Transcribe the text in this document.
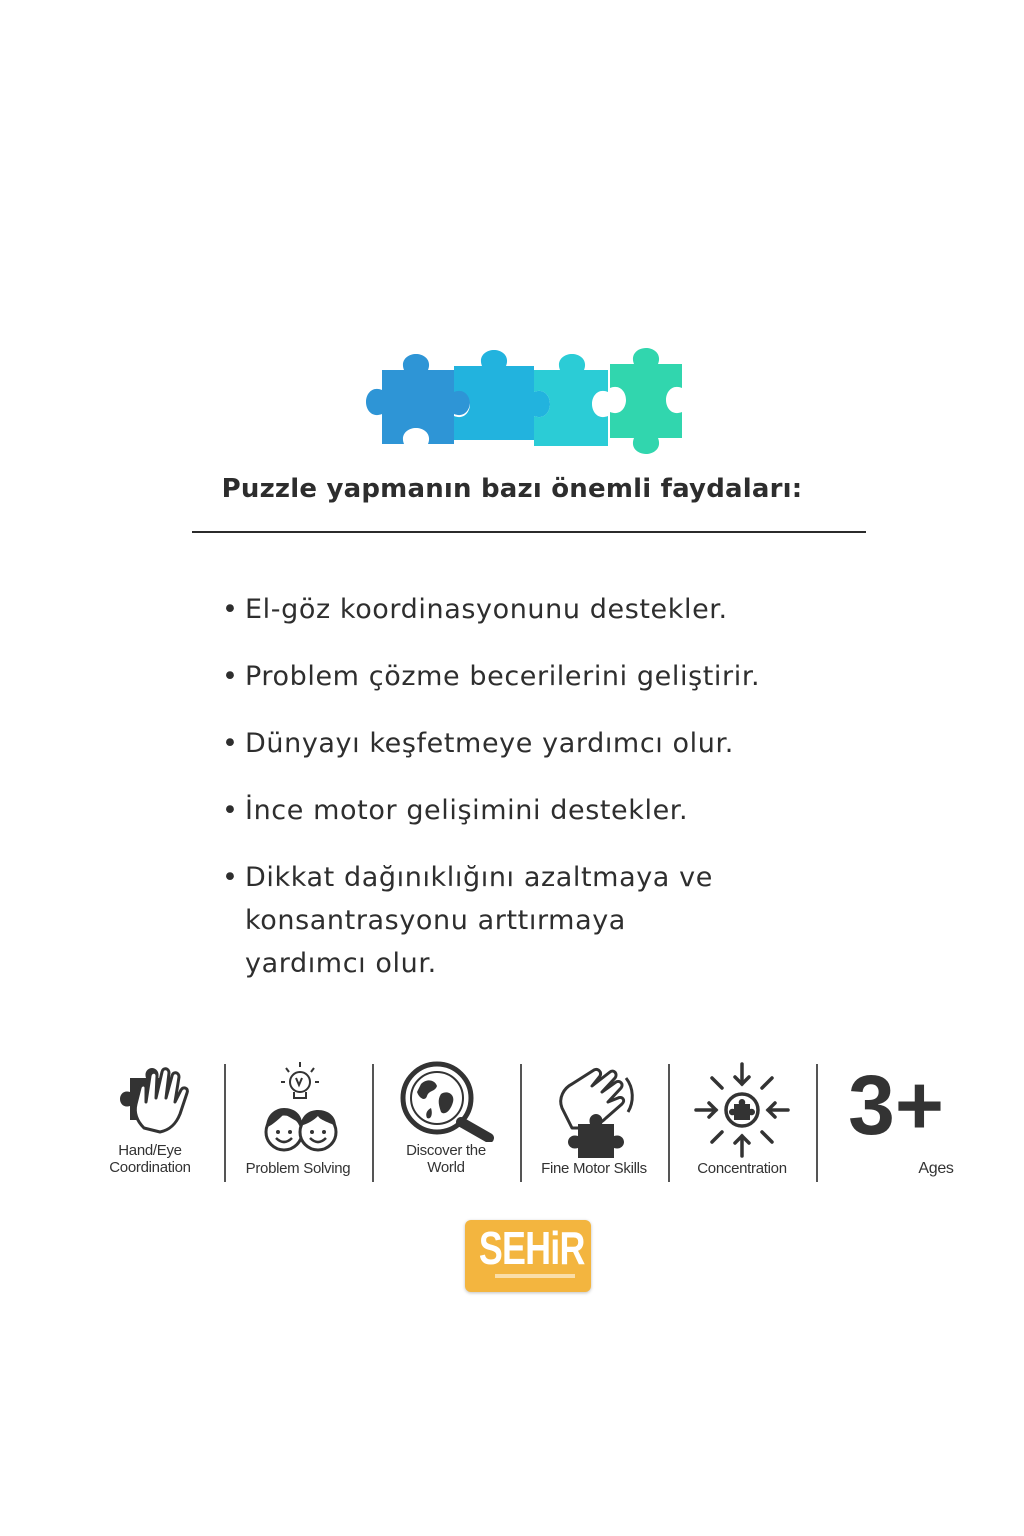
Puzzle yapmanın bazı önemli faydaları:
• El-göz koordinasyonunu destekler.
• Problem çözme becerilerini geliştirir.
• Dünyayı keşfetmeye yardımcı olur.
• İnce motor gelişimini destekler.
• Dikkat dağınıklığını azaltmaya ve
konsantrasyonu arttırmaya
yardımcı olur.
Hand/Eye
Coordination	Problem Solving
Discover the
World	Fine Motor Skills	Concentration
3+
Ages
SEHiR
